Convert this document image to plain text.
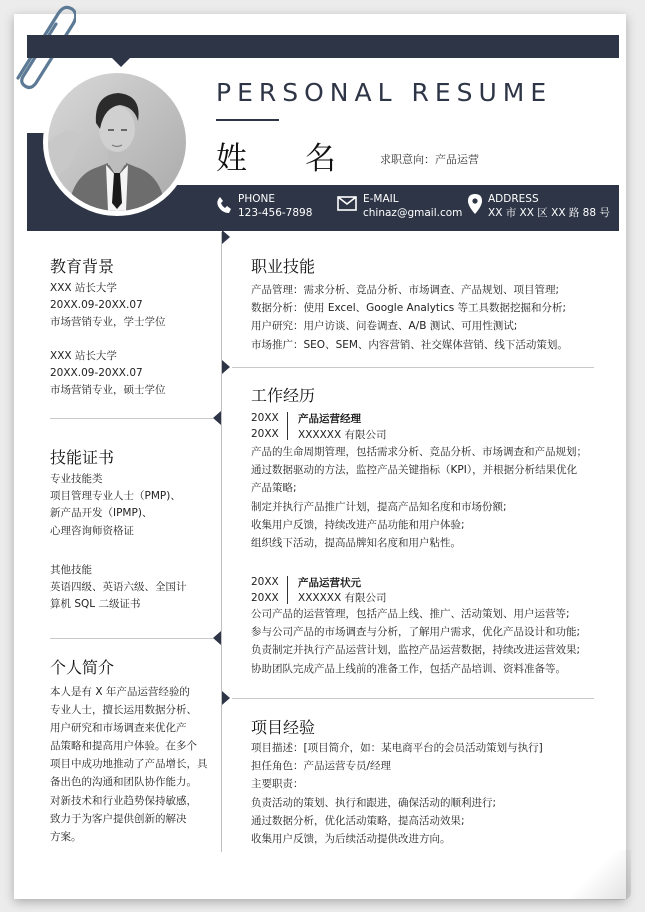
PERSONAL RESUME
姓 名 求职意向：产品运营
PHONE
123-456-7898
E-MAIL
chinaz@gmail.com
ADDRESS
XX 市 XX 区 XX 路 88 号
教育背景
XXX 站长大学
20XX.09-20XX.07
市场营销专业，学士学位
XXX 站长大学
20XX.09-20XX.07
市场营销专业，硕士学位
技能证书
专业技能类
项目管理专业人士（PMP)、
新产品开发（IPMP)、
心理咨询师资格证
其他技能
英语四级、英语六级、全国计
算机 SQL 二级证书
个人简介
本人是有 X 年产品运营经验的
专业人士，擅长运用数据分析、
用户研究和市场调查来优化产
品策略和提高用户体验。在多个
项目中成功地推动了产品增长，具
备出色的沟通和团队协作能力。
对新技术和行业趋势保持敏感，
致力于为客户提供创新的解决
方案。
职业技能
产品管理：需求分析、竞品分析、市场调查、产品规划、项目管理;
数据分析：使用 Excel、Google Analytics 等工具数据挖掘和分析;
用户研究：用户访谈、问卷调查、A/B 测试、可用性测试;
市场推广：SEO、SEM、内容营销、社交媒体营销、线下活动策划。
工作经历
20XX
20XX
产品运营经理
XXXXXX 有限公司
产品的生命周期管理，包括需求分析、竞品分析、市场调查和产品规划；
通过数据驱动的方法，监控产品关键指标（KPI），并根据分析结果优化
产品策略;
制定并执行产品推广计划，提高产品知名度和市场份额;
收集用户反馈，持续改进产品功能和用户体验;
组织线下活动，提高品牌知名度和用户粘性。
20XX
20XX
产品运营状元
XXXXXX 有限公司
公司产品的运营管理，包括产品上线、推广、活动策划、用户运营等;
参与公司产品的市场调查与分析，了解用户需求，优化产品设计和功能;
负责制定并执行产品运营计划，监控产品运营数据，持续改进运营效果;
协助团队完成产品上线前的准备工作，包括产品培训、资料准备等。
项目经验
项目描述：[项目简介，如：某电商平台的会员活动策划与执行]
担任角色：产品运营专员/经理
主要职责：
负责活动的策划、执行和跟进，确保活动的顺利进行;
通过数据分析，优化活动策略，提高活动效果;
收集用户反馈，为后续活动提供改进方向。
